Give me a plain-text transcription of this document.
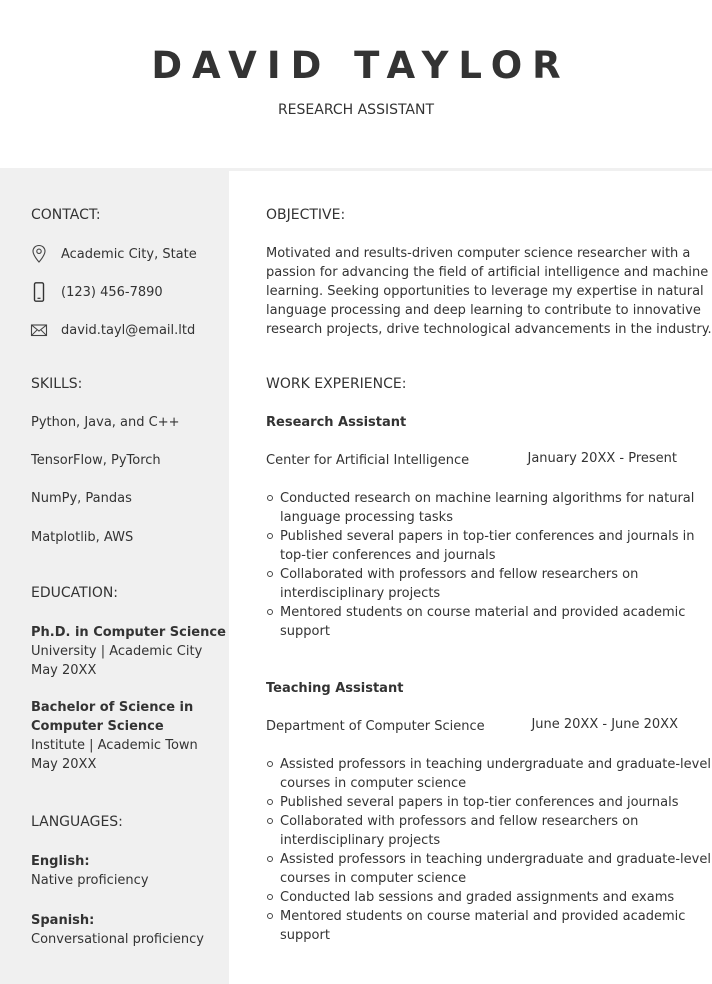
DAVID TAYLOR
RESEARCH ASSISTANT
CONTACT:
Academic City, State
(123) 456-7890
david.tayl@email.ltd
SKILLS:
Python, Java, and C++
TensorFlow, PyTorch
NumPy, Pandas
Matplotlib, AWS
EDUCATION:
Ph.D. in Computer Science
University | Academic City
May 20XX
Bachelor of Science in
Computer Science
Institute | Academic Town
May 20XX
LANGUAGES:
English:
Native proficiency
Spanish:
Conversational proficiency
OBJECTIVE:
Motivated and results-driven computer science researcher with a
passion for advancing the field of artificial intelligence and machine
learning. Seeking opportunities to leverage my expertise in natural
language processing and deep learning to contribute to innovative
research projects, drive technological advancements in the industry.
WORK EXPERIENCE:
Research Assistant
Center for Artificial Intelligence	January 20XX - Present
Conducted research on machine learning algorithms for natural
language processing tasks
Published several papers in top-tier conferences and journals in
top-tier conferences and journals
Collaborated with professors and fellow researchers on
interdisciplinary projects
Mentored students on course material and provided academic
support
Teaching Assistant
Department of Computer Science	June 20XX - June 20XX
Assisted professors in teaching undergraduate and graduate-level
courses in computer science
Published several papers in top-tier conferences and journals
Collaborated with professors and fellow researchers on
interdisciplinary projects
Assisted professors in teaching undergraduate and graduate-level
courses in computer science
Conducted lab sessions and graded assignments and exams
Mentored students on course material and provided academic
support
